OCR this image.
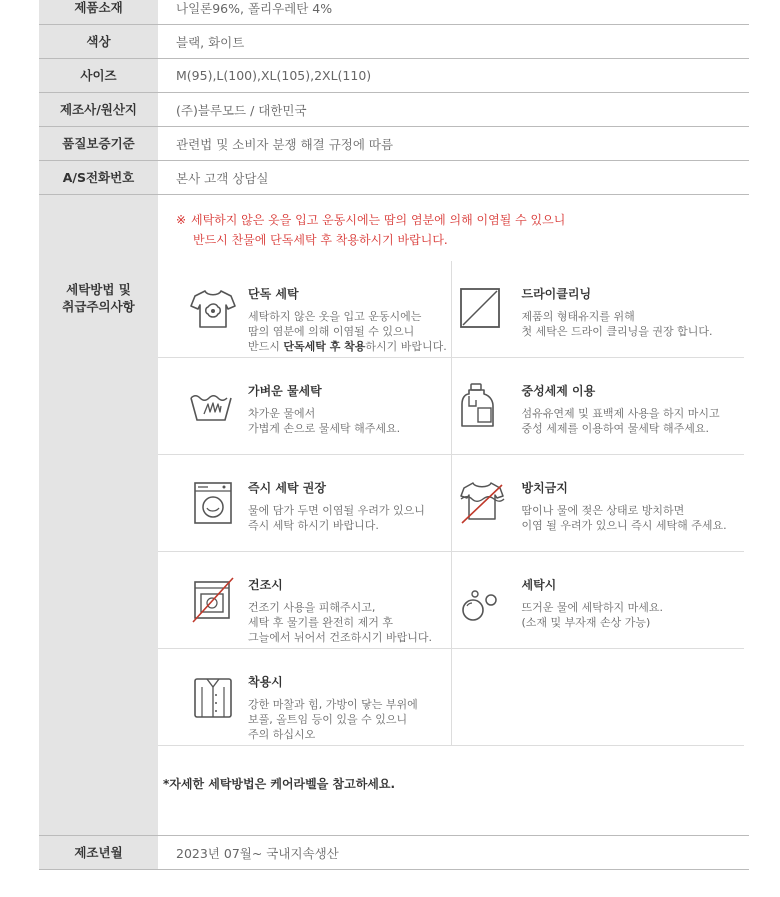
제품소재	나일론96%, 폴리우레탄 4%
색상	블랙, 화이트
사이즈	M(95),L(100),XL(105),2XL(110)
제조사/원산지	(주)블루모드 / 대한민국
품질보증기준	관련법 및 소비자 분쟁 해결 규정에 따름
A/S전화번호	본사 고객 상담실
세탁방법 및
취급주의사항
※ 세탁하지 않은 옷을 입고 운동시에는 땀의 염분에 의해 이염될 수 있으니
반드시 찬물에 단독세탁 후 착용하시기 바랍니다.
단독 세탁
세탁하지 않은 옷을 입고 운동시에는
땀의 염분에 의해 이염될 수 있으니
반드시 단독세탁 후 착용하시기 바랍니다.
드라이클리닝
제품의 형태유지를 위해
첫 세탁은 드라이 클리닝을 권장 합니다.
가벼운 물세탁
차가운 물에서
가볍게 손으로 물세탁 해주세요.
중성세제 이용
섬유유연제 및 표백제 사용을 하지 마시고
중성 세제를 이용하여 물세탁 해주세요.
즉시 세탁 권장
물에 담가 두면 이염될 우려가 있으니
즉시 세탁 하시기 바랍니다.
방치금지
땀이나 물에 젖은 상태로 방치하면
이염 될 우려가 있으니 즉시 세탁해 주세요.
건조시
건조기 사용을 피해주시고,
세탁 후 물기를 완전히 제거 후
그늘에서 뉘어서 건조하시기 바랍니다.
세탁시
뜨거운 물에 세탁하지 마세요.
(소재 및 부자재 손상 가능)
착용시
강한 마찰과 힘, 가방이 닿는 부위에
보풀, 올트임 등이 있을 수 있으니
주의 하십시오
*자세한 세탁방법은 케어라벨을 참고하세요.
제조년월	2023년 07월~ 국내지속생산
